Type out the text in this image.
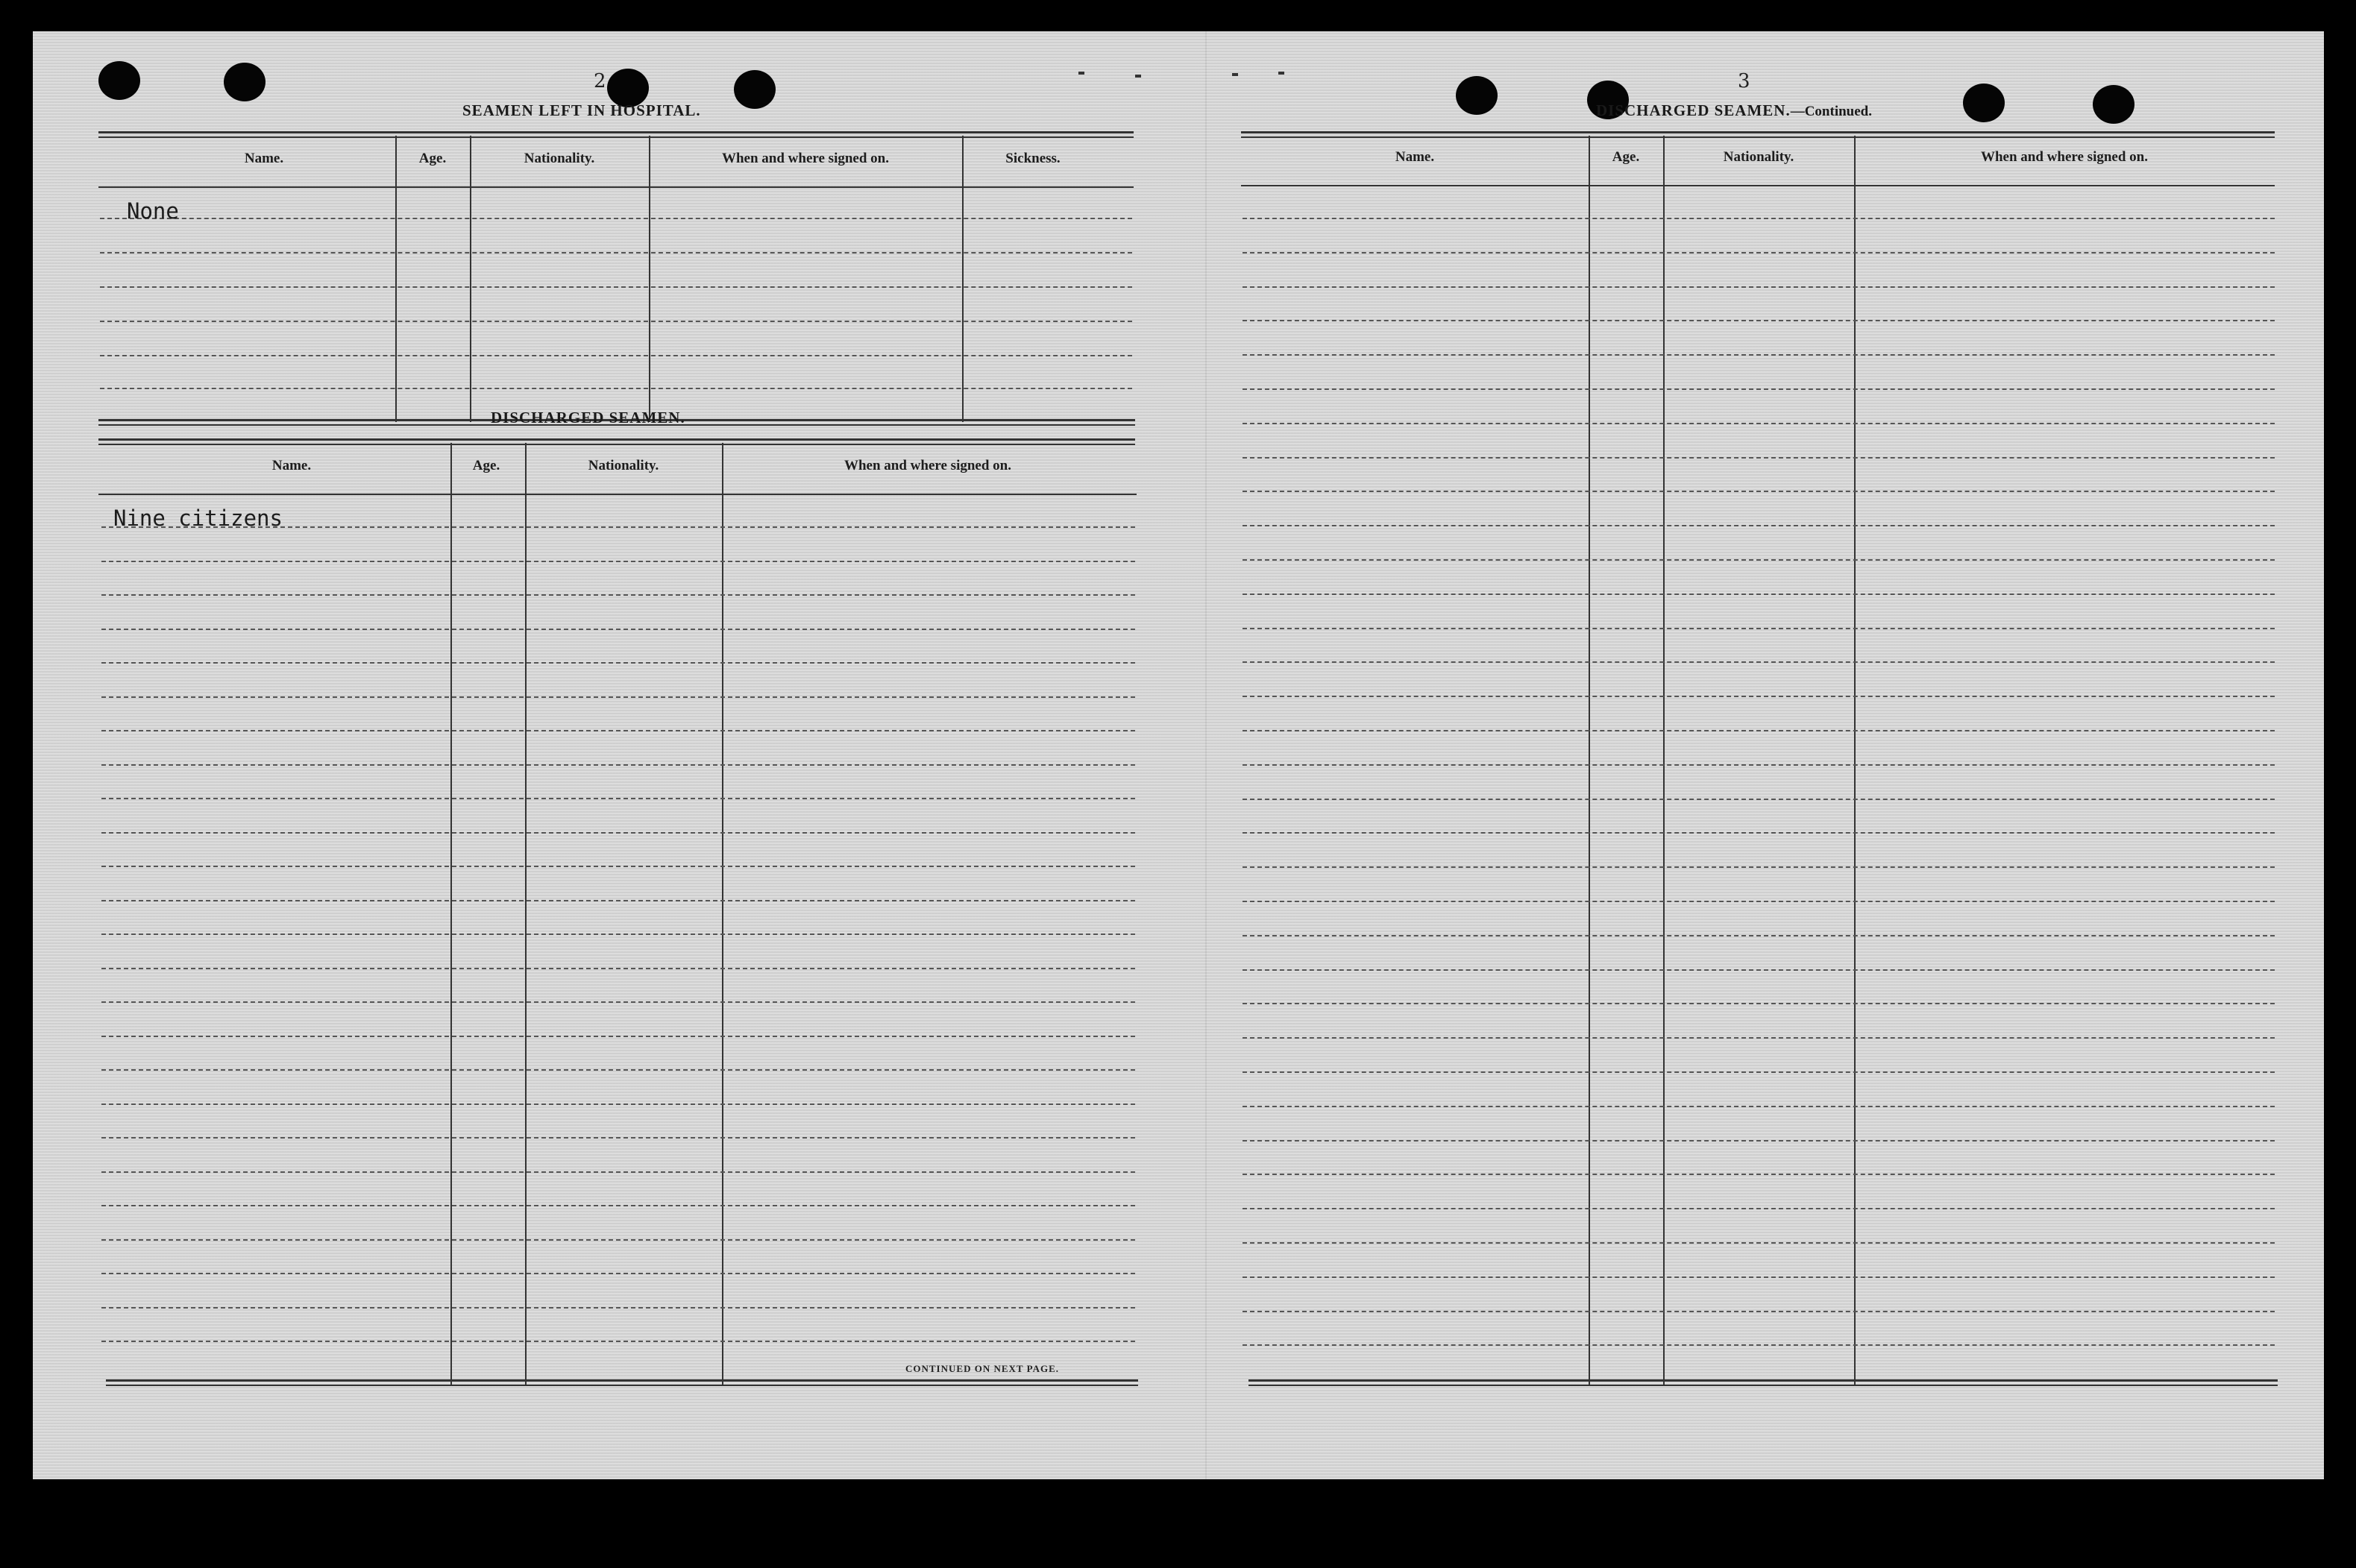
2
SEAMEN LEFT IN HOSPITAL.
Name.	Age.	Nationality.	When and where signed on.	Sickness.
None
DISCHARGED SEAMEN.
Name.	Age.	Nationality.	When and where signed on.
Nine citizens
CONTINUED ON NEXT PAGE.
3
DISCHARGED SEAMEN.—Continued.
Name.	Age.	Nationality.	When and where signed on.
